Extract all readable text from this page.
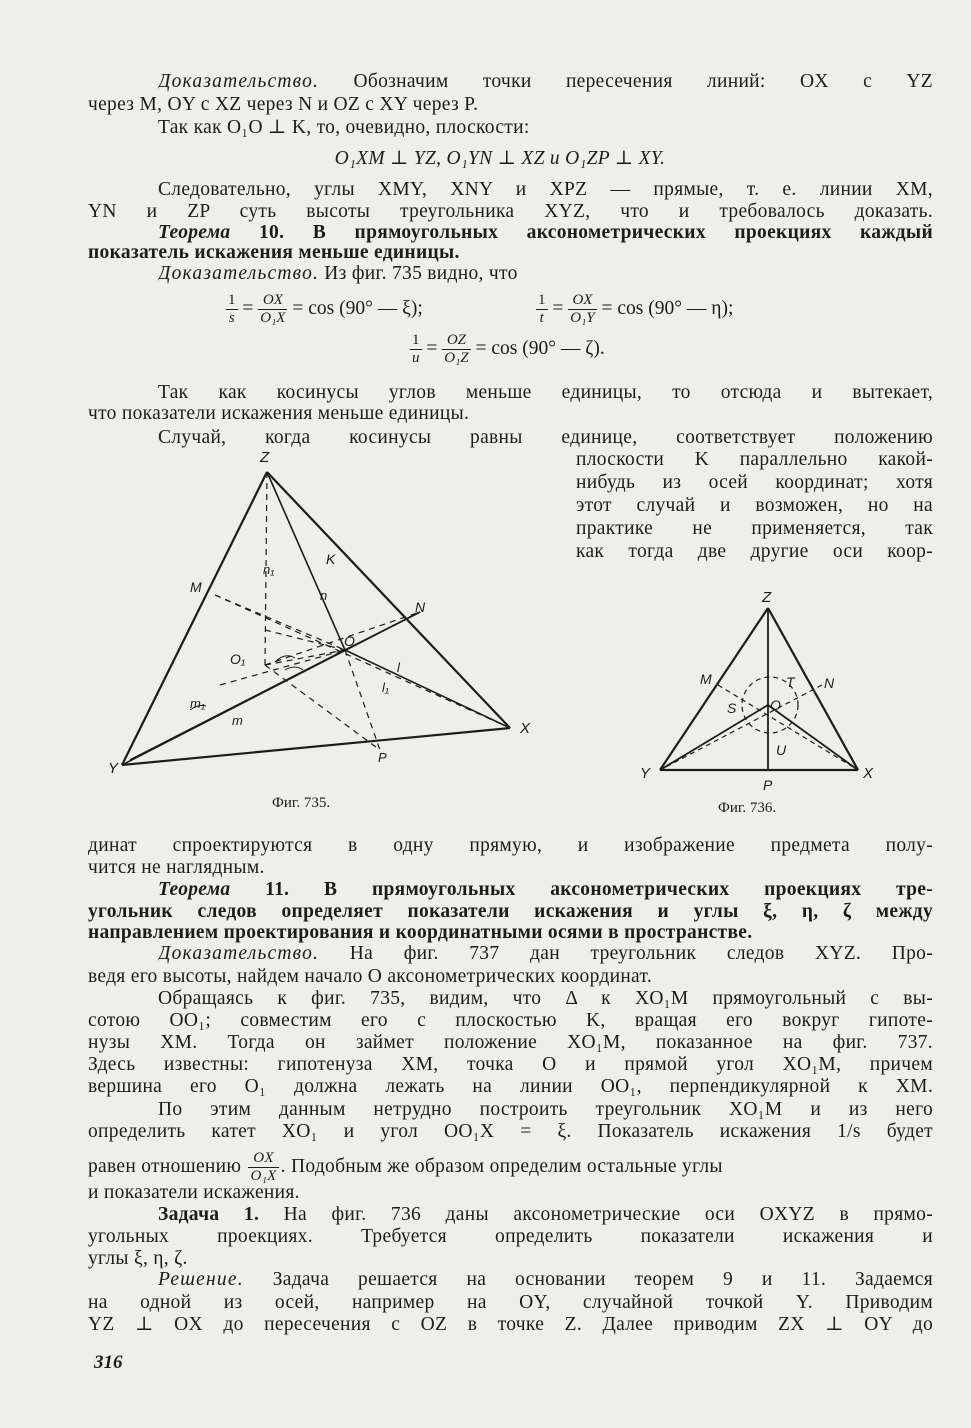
Доказательство. Обозначим точки пересечения линий: OX с YZ
через M, OY с XZ через N и OZ с XY через P.
Так как O₁O ⊥ K, то, очевидно, плоскости:
O₁XM ⊥ YZ, O₁YN ⊥ XZ и O₁ZP ⊥ XY.
Следовательно, углы XMY, XNY и XPZ — прямые, т. е. линии XM,
YN и ZP суть высоты треугольника XYZ, что и требовалось доказать.
Теорема 10. В прямоугольных аксонометрических проекциях каждый
показатель искажения меньше единицы.
Доказательство. Из фиг. 735 видно, что
$\frac{1}{s} = \frac{OX}{\text{O₁X}} = \cos (90^\circ$ — ξ);	$\frac{1}{t} = \frac{OX}{\text{O₁Y}} = \cos (90^\circ$ — η);
$\frac{1}{u} = \frac{OZ}{\text{O₁Z}} = \cos (90^\circ$ — ζ).
Так как косинусы углов меньше единицы, то отсюда и вытекает,
что показатели искажения меньше единицы.
Случай, когда косинусы равны единице, соответствует положению
плоскости K параллельно какой-
нибудь из осей координат; хотя
этот случай и возможен, но на
практике не применяется, так
как тогда две другие оси коор-
Z
Y
X
M
N
K
O
O₁
n
n₁
l
l₁
m
m₁
P
Фиг. 735.
Z
Y	X
M	N
T
S O
U
P
Фиг. 736.
динат спроектируются в одну прямую, и изображение предмета полу-
чится не наглядным.
Теорема 11. В прямоугольных аксонометрических проекциях тре-
угольник следов определяет показатели искажения и углы ξ, η, ζ между
направлением проектирования и координатными осями в пространстве.
Доказательство. На фиг. 737 дан треугольник следов XYZ. Про-
ведя его высоты, найдем начало O аксонометрических координат.
Обращаясь к фиг. 735, видим, что Δ к XO₁M прямоугольный с вы-
сотою OO₁; совместим его с плоскостью K, вращая его вокруг гипоте-
нузы XM. Тогда он займет положение XO₁M, показанное на фиг. 737.
Здесь известны: гипотенуза XM, точка O и прямой угол XO₁M, причем
вершина его O₁ должна лежать на линии OO₁, перпендикулярной к XM.
По этим данным нетрудно построить треугольник XO₁M и из него
определить катет XO₁ и угол OO₁X = ξ. Показатель искажения 1/s будет
равен отношению $\frac{OX}{\text{O₁X}}$ . Подобным же образом определим остальные углы
и показатели искажения.
Задача 1. На фиг. 736 даны аксонометрические оси OXYZ в прямо-
угольных проекциях. Требуется определить показатели искажения и
углы ξ, η, ζ.
Решение. Задача решается на основании теорем 9 и 11. Задаемся
на одной из осей, например на OY, случайной точкой Y. Приводим
YZ ⊥ OX до пересечения с OZ в точке Z. Далее приводим ZX ⊥ OY до
316
